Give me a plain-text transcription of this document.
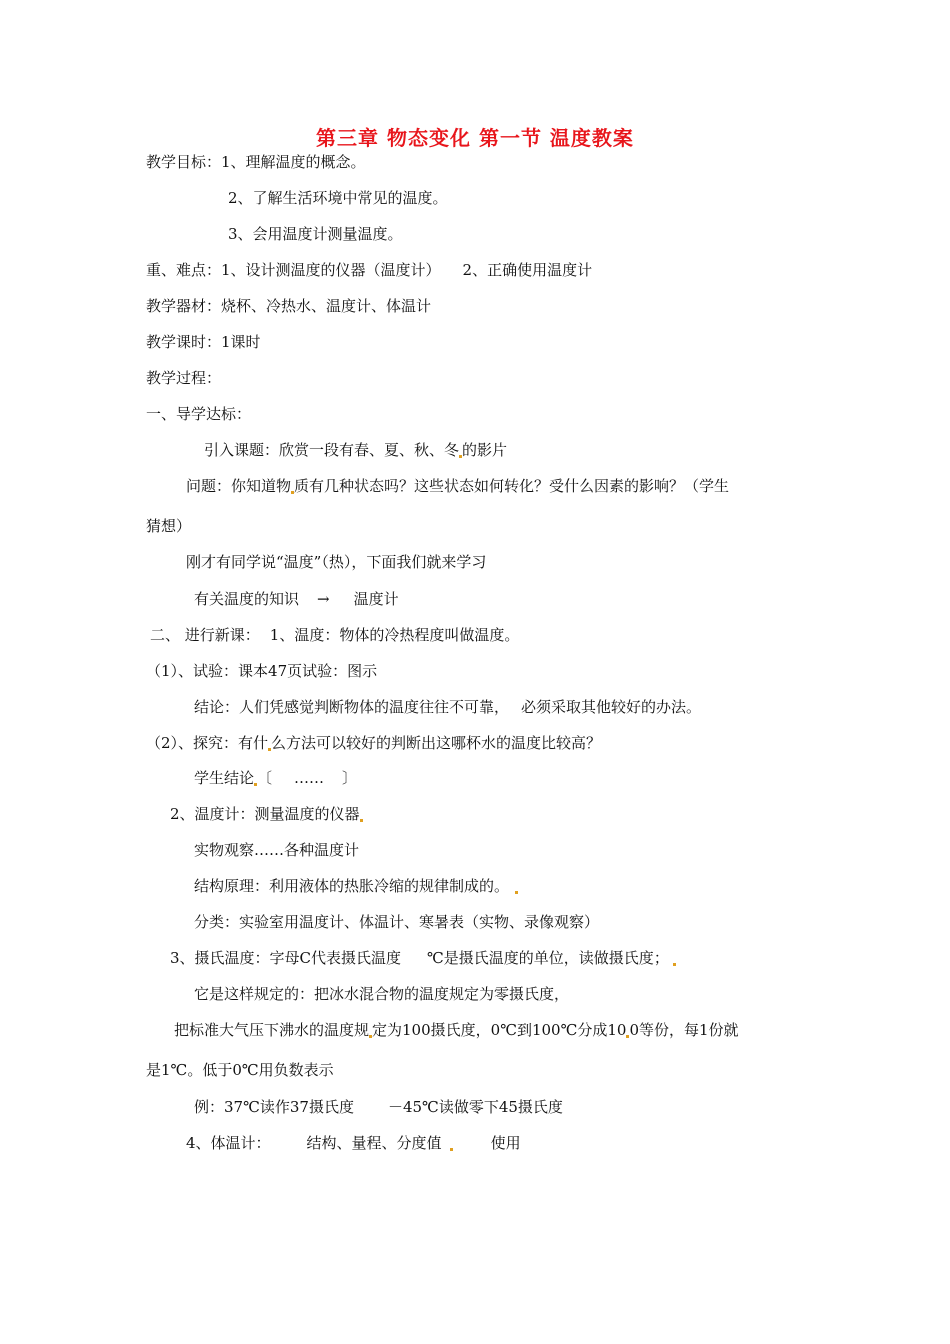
第三章 物态变化 第一节 温度教案
教学目标：1、理解温度的概念。
2、了解生活环境中常见的温度。
3、会用温度计测量温度。
重、难点：1、设计测温度的仪器（温度计） 2、正确使用温度计
教学器材：烧杯、冷热水、温度计、体温计
教学课时：1课时
教学过程：
一、导学达标：
引入课题：欣赏一段有春、夏、秋、冬 的影片
问题：你知道物 质有几种状态吗？这些状态如何转化？受什么因素的影响？（学生
猜想）
刚才有同学说“温度”（热），下面我们就来学习
有关温度的知识 → 温度计
二、 进行新课： 1、温度：物体的冷热程度叫做温度。
（1）、试验：课本47页试验：图示
结论：人们凭感觉判断物体的温度往往不可靠， 必须采取其他较好的办法。
（2）、探究：有什 么方法可以较好的判断出这哪杯水的温度比较高？
学生结论 〔 …… 〕
2、温度计：测量温度的仪器
实物观察……各种温度计
结构原理：利用液体的热胀冷缩的规律制成的。
分类：实验室用温度计、体温计、寒暑表（实物、录像观察）
3、摄氏温度：字母C代表摄氏温度 ℃是摄氏温度的单位，读做摄氏度；
它是这样规定的：把冰水混合物的温度规定为零摄氏度，
把标准大气压下沸水的温度规 定为100摄氏度，0℃到100℃分成10 0等份，每1份就
是1℃。低于0℃用负数表示
例：37℃读作37摄氏度 －45℃读做零下45摄氏度
4、体温计： 结构、量程、分度值	使用
